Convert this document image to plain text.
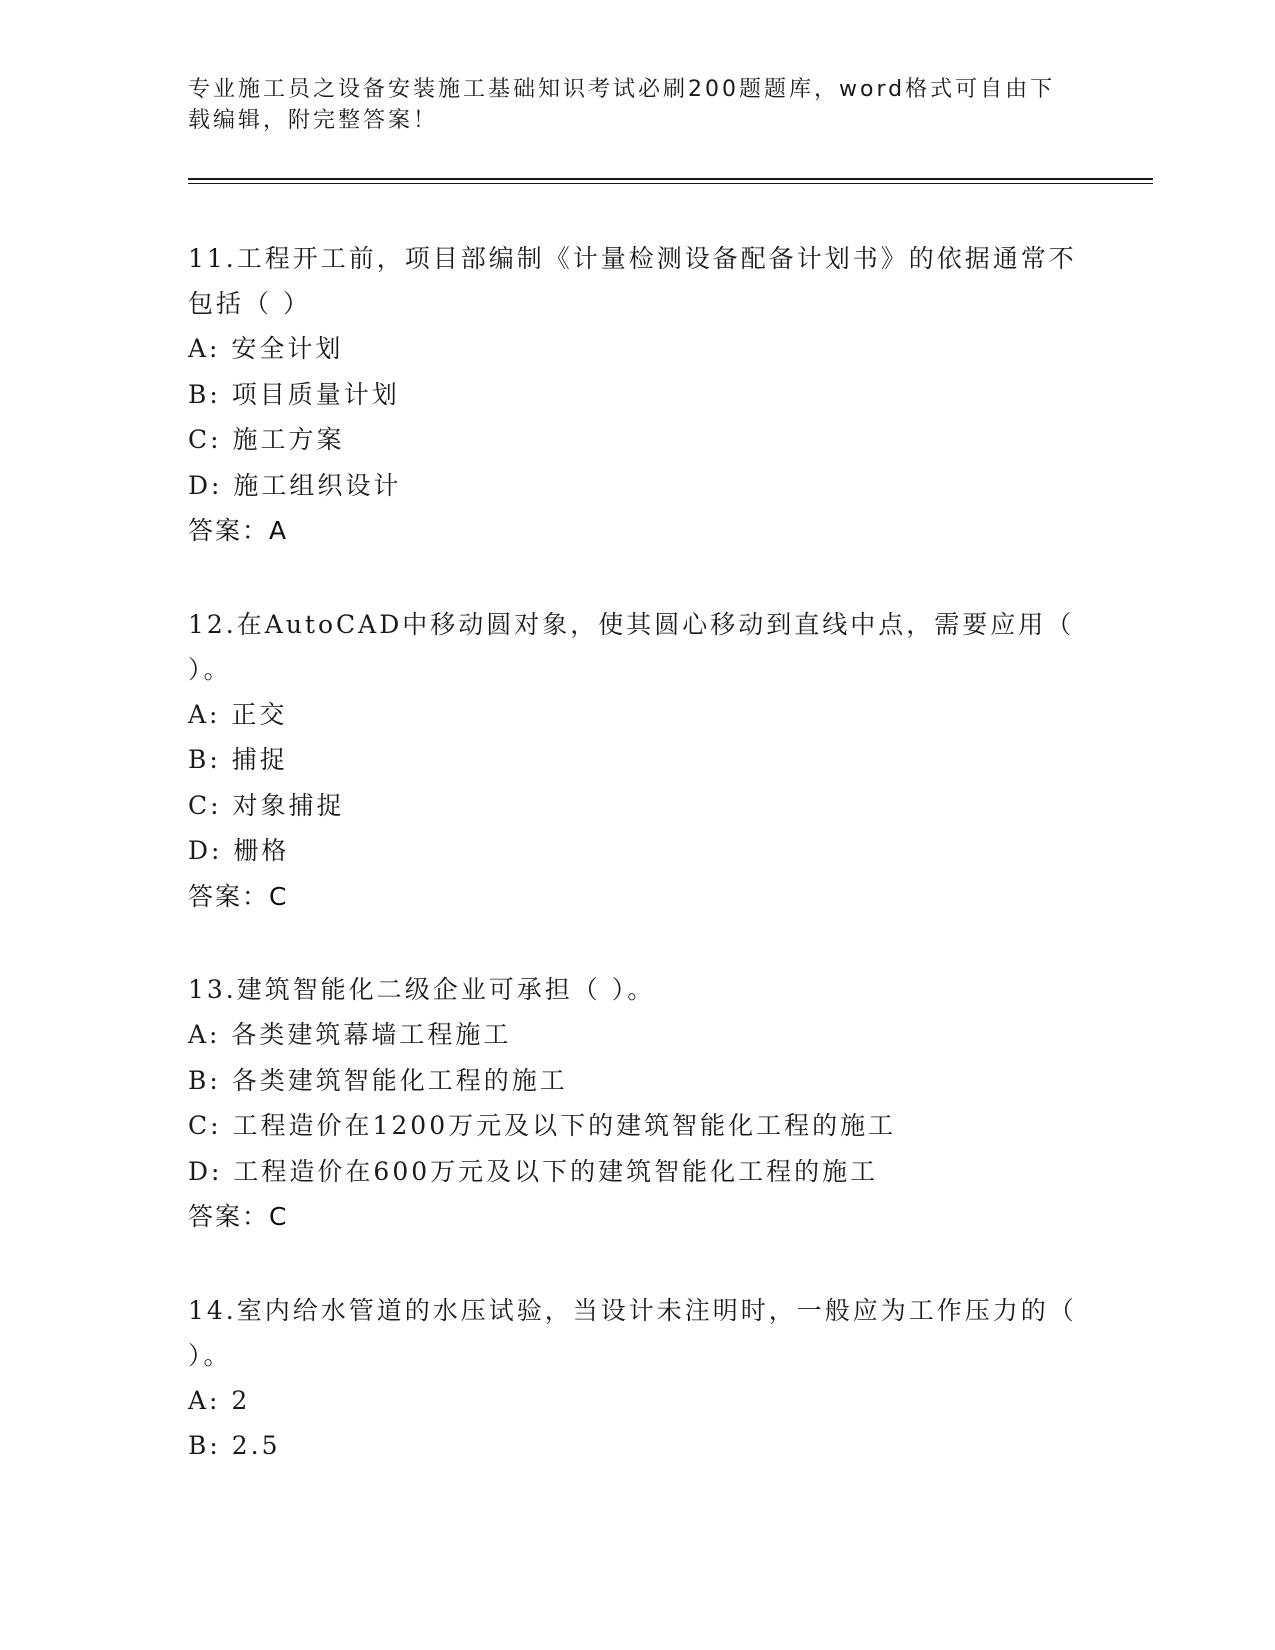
专业施工员之设备安装施工基础知识考试必刷200题题库，word格式可自由下载编辑，附完整答案！

11.工程开工前，项目部编制《计量检测设备配备计划书》的依据通常不包括（ ）

A: 安全计划

B: 项目质量计划

C: 施工方案

D: 施工组织设计

答案：A

12.在AutoCAD中移动圆对象，使其圆心移动到直线中点，需要应用（ ）。

A: 正交

B: 捕捉

C: 对象捕捉

D: 栅格

答案：C

13.建筑智能化二级企业可承担（ ）。

A: 各类建筑幕墙工程施工

B: 各类建筑智能化工程的施工

C: 工程造价在1200万元及以下的建筑智能化工程的施工

D: 工程造价在600万元及以下的建筑智能化工程的施工

答案：C

14.室内给水管道的水压试验，当设计未注明时，一般应为工作压力的（ ）。

A: 2

B: 2.5
